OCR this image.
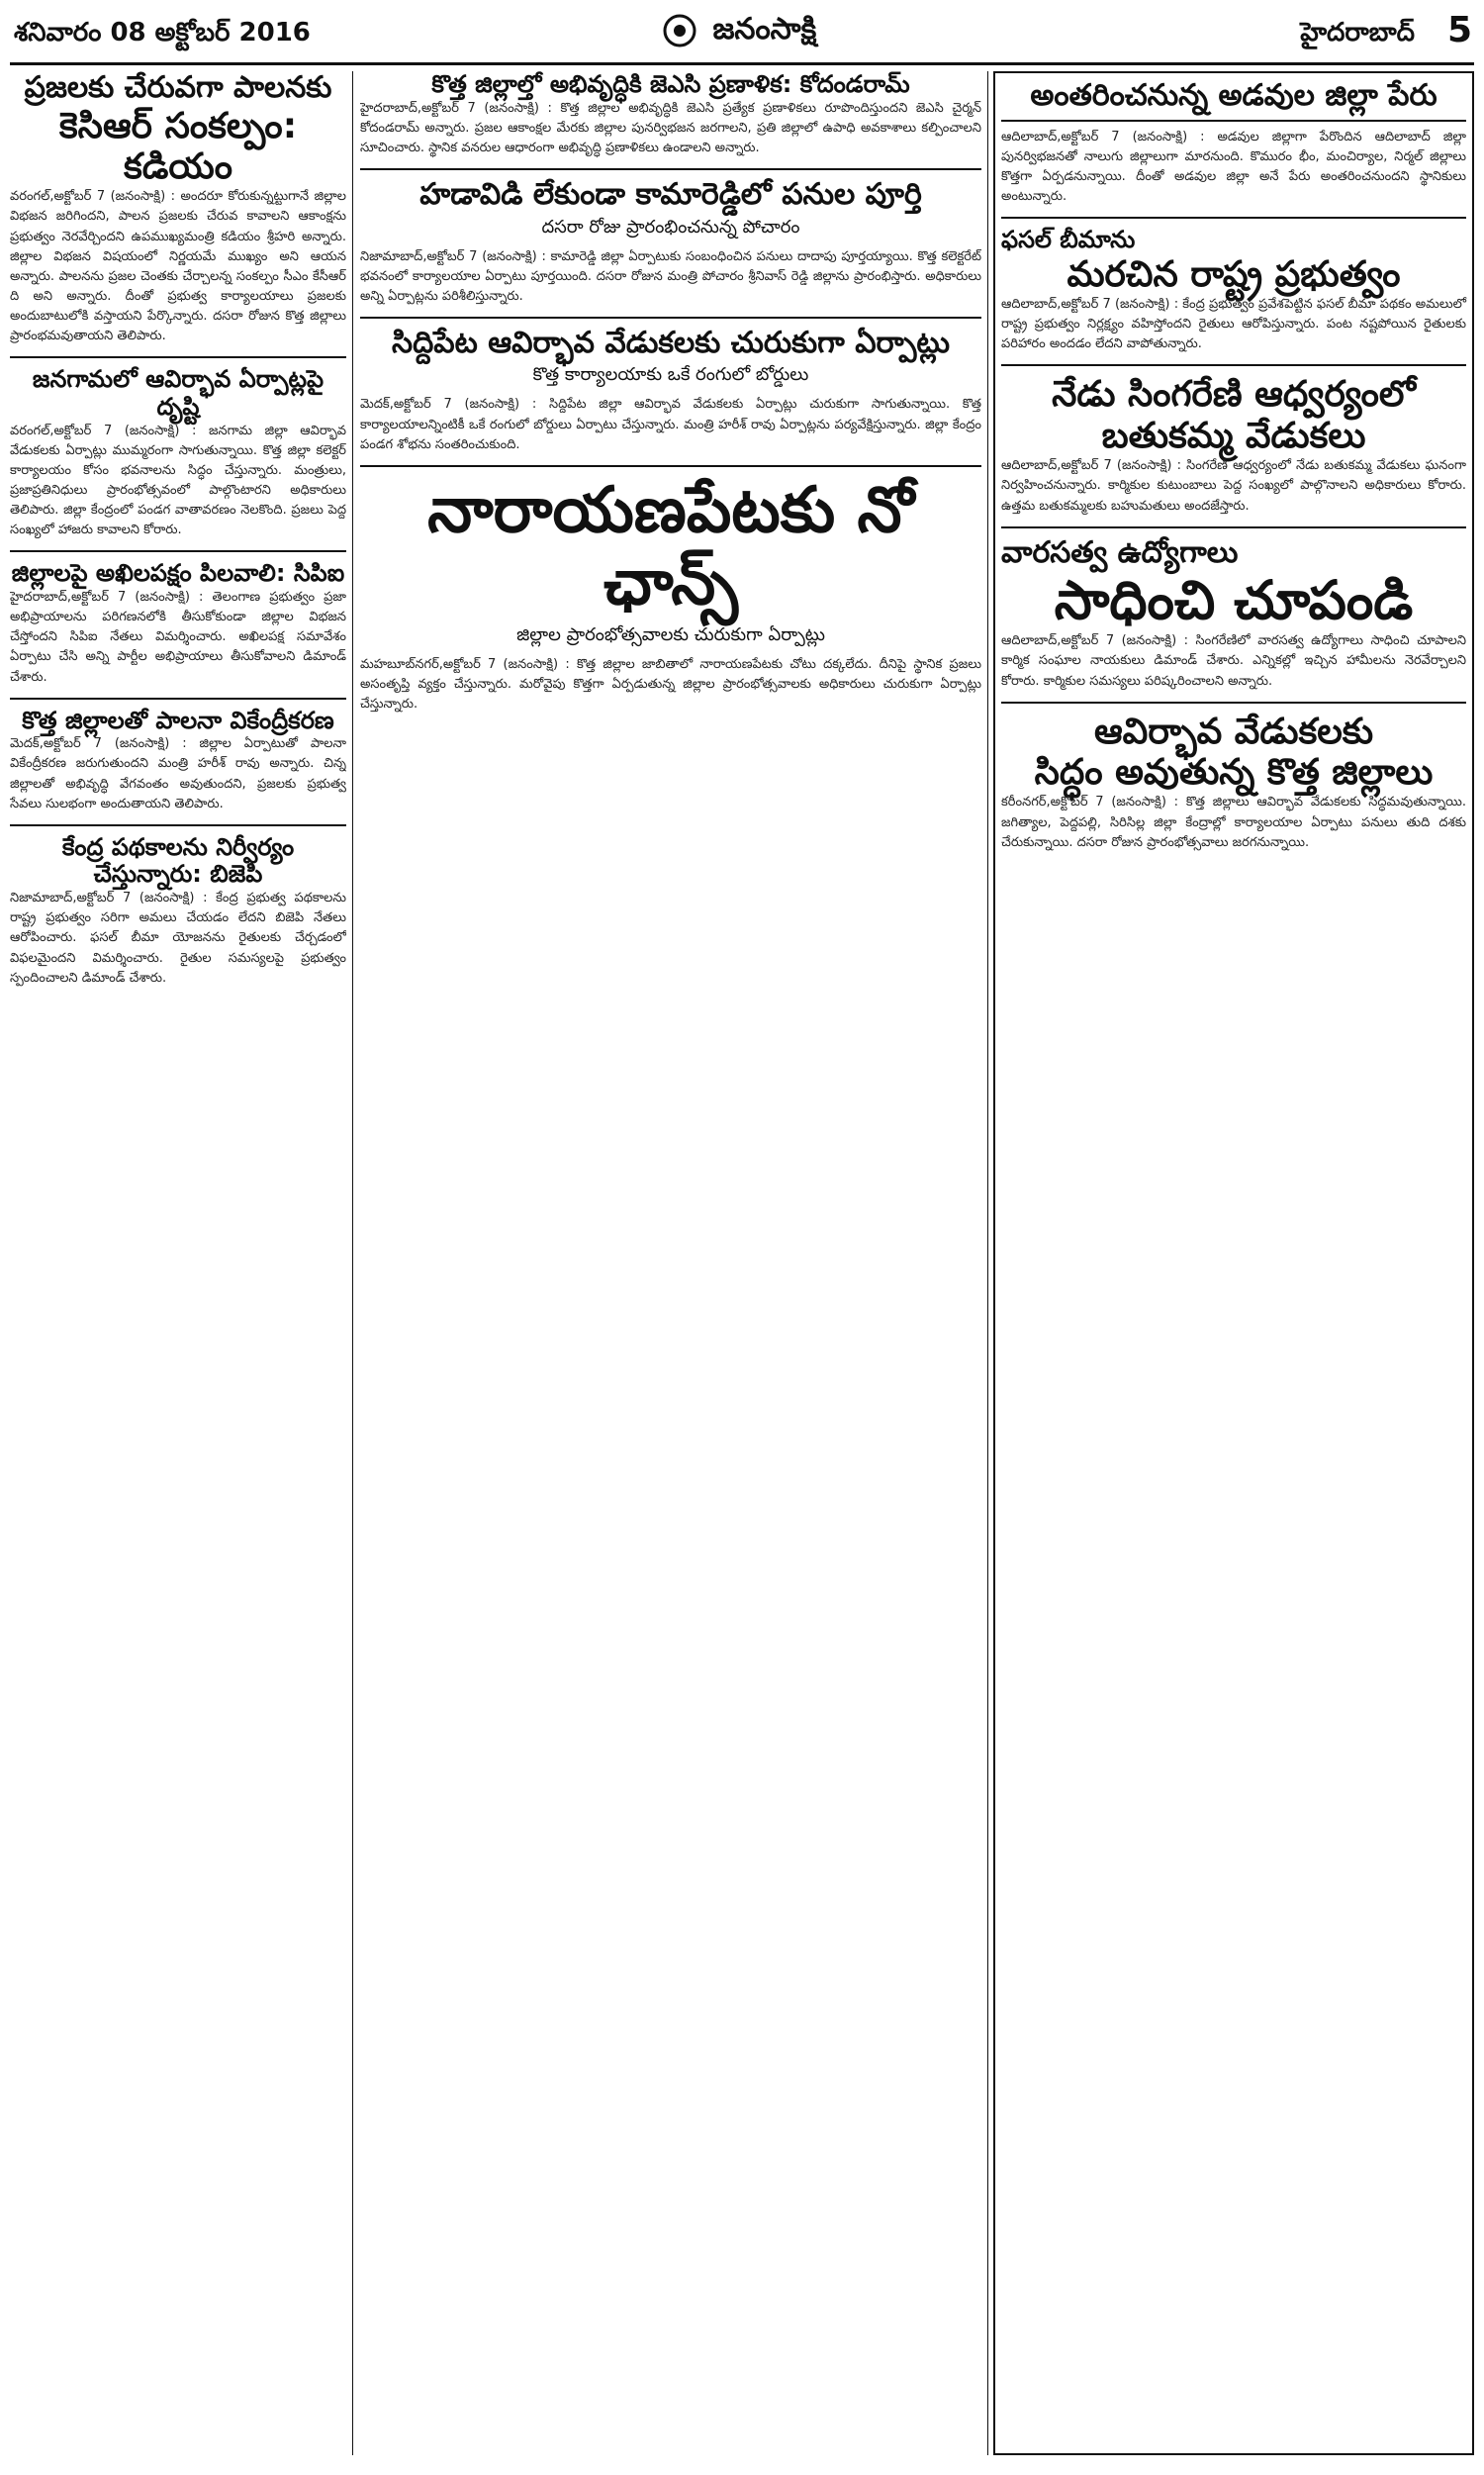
శనివారం 08 అక్టోబర్ 2016	జనంసాక్షి	హైదరాబాద్ 5
ప్రజలకు చేరువగా పాలనకు
కెసిఆర్ సంకల్పం: కడియం

వరంగల్,అక్టోబర్ 7 (జనంసాక్షి) : అందరూ కోరుకున్నట్టుగానే జిల్లాల విభజన జరిగిందని, పాలన ప్రజలకు చేరువ కావాలని ఆకాంక్షను ప్రభుత్వం నెరవేర్చిందని ఉపముఖ్యమంత్రి కడియం శ్రీహరి అన్నారు. జిల్లాల విభజన విషయంలో నిర్ణయమే ముఖ్యం అని ఆయన అన్నారు. పాలనను ప్రజల చెంతకు చేర్చాలన్న సంకల్పం సీఎం కేసీఆర్ ది అని అన్నారు. దీంతో ప్రభుత్వ కార్యాలయాలు ప్రజలకు అందుబాటులోకి వస్తాయని పేర్కొన్నారు. దసరా రోజున కొత్త జిల్లాలు ప్రారంభమవుతాయని తెలిపారు.

జనగామలో ఆవిర్భావ ఏర్పాట్లపై దృష్టి

వరంగల్,అక్టోబర్ 7 (జనంసాక్షి) : జనగామ జిల్లా ఆవిర్భావ వేడుకలకు ఏర్పాట్లు ముమ్మరంగా సాగుతున్నాయి. కొత్త జిల్లా కలెక్టర్ కార్యాలయం కోసం భవనాలను సిద్ధం చేస్తున్నారు. మంత్రులు, ప్రజాప్రతినిధులు ప్రారంభోత్సవంలో పాల్గొంటారని అధికారులు తెలిపారు. జిల్లా కేంద్రంలో పండగ వాతావరణం నెలకొంది. ప్రజలు పెద్ద సంఖ్యలో హాజరు కావాలని కోరారు.

జిల్లాలపై అఖిలపక్షం పిలవాలి: సిపిఐ

హైదరాబాద్,అక్టోబర్ 7 (జనంసాక్షి) : తెలంగాణ ప్రభుత్వం ప్రజా అభిప్రాయాలను పరిగణనలోకి తీసుకోకుండా జిల్లాల విభజన చేస్తోందని సిపిఐ నేతలు విమర్శించారు. అఖిలపక్ష సమావేశం ఏర్పాటు చేసి అన్ని పార్టీల అభిప్రాయాలు తీసుకోవాలని డిమాండ్ చేశారు.

కొత్త జిల్లాలతో పాలనా వికేంద్రీకరణ

మెదక్,అక్టోబర్ 7 (జనంసాక్షి) : జిల్లాల ఏర్పాటుతో పాలనా వికేంద్రీకరణ జరుగుతుందని మంత్రి హరీశ్ రావు అన్నారు. చిన్న జిల్లాలతో అభివృద్ధి వేగవంతం అవుతుందని, ప్రజలకు ప్రభుత్వ సేవలు సులభంగా అందుతాయని తెలిపారు.

కేంద్ర పథకాలను నిర్వీర్యం
చేస్తున్నారు: బిజెపి

నిజామాబాద్,అక్టోబర్ 7 (జనంసాక్షి) : కేంద్ర ప్రభుత్వ పథకాలను రాష్ట్ర ప్రభుత్వం సరిగా అమలు చేయడం లేదని బిజెపి నేతలు ఆరోపించారు. ఫసల్ బీమా యోజనను రైతులకు చేర్చడంలో విఫలమైందని విమర్శించారు. రైతుల సమస్యలపై ప్రభుత్వం స్పందించాలని డిమాండ్ చేశారు.

కొత్త జిల్లాల్తో అభివృద్ధికి జెఎసి ప్రణాళిక: కోదండరామ్

హైదరాబాద్,అక్టోబర్ 7 (జనంసాక్షి) : కొత్త జిల్లాల అభివృద్ధికి జెఎసి ప్రత్యేక ప్రణాళికలు రూపొందిస్తుందని జెఎసి చైర్మన్ కోదండరామ్ అన్నారు. ప్రజల ఆకాంక్షల మేరకు జిల్లాల పునర్విభజన జరగాలని, ప్రతి జిల్లాలో ఉపాధి అవకాశాలు కల్పించాలని సూచించారు. స్థానిక వనరుల ఆధారంగా అభివృద్ధి ప్రణాళికలు ఉండాలని అన్నారు.

హడావిడి లేకుండా కామారెడ్డిలో పనుల పూర్తి
దసరా రోజు ప్రారంభించనున్న పోచారం

నిజామాబాద్,అక్టోబర్ 7 (జనంసాక్షి) : కామారెడ్డి జిల్లా ఏర్పాటుకు సంబంధించిన పనులు దాదాపు పూర్తయ్యాయి. కొత్త కలెక్టరేట్ భవనంలో కార్యాలయాల ఏర్పాటు పూర్తయింది. దసరా రోజున మంత్రి పోచారం శ్రీనివాస్ రెడ్డి జిల్లాను ప్రారంభిస్తారు. అధికారులు అన్ని ఏర్పాట్లను పరిశీలిస్తున్నారు.

సిద్దిపేట ఆవిర్భావ వేడుకలకు చురుకుగా ఏర్పాట్లు
కొత్త కార్యాలయాకు ఒకే రంగులో బోర్డులు

మెదక్,అక్టోబర్ 7 (జనంసాక్షి) : సిద్దిపేట జిల్లా ఆవిర్భావ వేడుకలకు ఏర్పాట్లు చురుకుగా సాగుతున్నాయి. కొత్త కార్యాలయాలన్నింటికీ ఒకే రంగులో బోర్డులు ఏర్పాటు చేస్తున్నారు. మంత్రి హరీశ్ రావు ఏర్పాట్లను పర్యవేక్షిస్తున్నారు. జిల్లా కేంద్రం పండగ శోభను సంతరించుకుంది.

నారాయణపేటకు నో ఛాన్స్
జిల్లాల ప్రారంభోత్సవాలకు చురుకుగా ఏర్పాట్లు

మహబూబ్‌నగర్,అక్టోబర్ 7 (జనంసాక్షి) : కొత్త జిల్లాల జాబితాలో నారాయణపేటకు చోటు దక్కలేదు. దీనిపై స్థానిక ప్రజలు అసంతృప్తి వ్యక్తం చేస్తున్నారు. మరోవైపు కొత్తగా ఏర్పడుతున్న జిల్లాల ప్రారంభోత్సవాలకు అధికారులు చురుకుగా ఏర్పాట్లు చేస్తున్నారు.

అంతరించనున్న అడవుల జిల్లా పేరు

ఆదిలాబాద్,అక్టోబర్ 7 (జనంసాక్షి) : అడవుల జిల్లాగా పేరొందిన ఆదిలాబాద్ జిల్లా పునర్విభజనతో నాలుగు జిల్లాలుగా మారనుంది. కొమురం భీం, మంచిర్యాల, నిర్మల్ జిల్లాలు కొత్తగా ఏర్పడనున్నాయి. దీంతో అడవుల జిల్లా అనే పేరు అంతరించనుందని స్థానికులు అంటున్నారు.

ఫసల్ బీమాను
మరచిన రాష్ట్ర ప్రభుత్వం

ఆదిలాబాద్,అక్టోబర్ 7 (జనంసాక్షి) : కేంద్ర ప్రభుత్వం ప్రవేశపెట్టిన ఫసల్ బీమా పథకం అమలులో రాష్ట్ర ప్రభుత్వం నిర్లక్ష్యం వహిస్తోందని రైతులు ఆరోపిస్తున్నారు. పంట నష్టపోయిన రైతులకు పరిహారం అందడం లేదని వాపోతున్నారు.

నేడు సింగరేణి ఆధ్వర్యంలో
బతుకమ్మ వేడుకలు

ఆదిలాబాద్,అక్టోబర్ 7 (జనంసాక్షి) : సింగరేణి ఆధ్వర్యంలో నేడు బతుకమ్మ వేడుకలు ఘనంగా నిర్వహించనున్నారు. కార్మికుల కుటుంబాలు పెద్ద సంఖ్యలో పాల్గొనాలని అధికారులు కోరారు. ఉత్తమ బతుకమ్మలకు బహుమతులు అందజేస్తారు.

వారసత్వ ఉద్యోగాలు
సాధించి చూపండి

ఆదిలాబాద్,అక్టోబర్ 7 (జనంసాక్షి) : సింగరేణిలో వారసత్వ ఉద్యోగాలు సాధించి చూపాలని కార్మిక సంఘాల నాయకులు డిమాండ్ చేశారు. ఎన్నికల్లో ఇచ్చిన హామీలను నెరవేర్చాలని కోరారు. కార్మికుల సమస్యలు పరిష్కరించాలని అన్నారు.

ఆవిర్భావ వేడుకలకు
సిద్ధం అవుతున్న కొత్త జిల్లాలు

కరీంనగర్,అక్టోబర్ 7 (జనంసాక్షి) : కొత్త జిల్లాలు ఆవిర్భావ వేడుకలకు సిద్ధమవుతున్నాయి. జగిత్యాల, పెద్దపల్లి, సిరిసిల్ల జిల్లా కేంద్రాల్లో కార్యాలయాల ఏర్పాటు పనులు తుది దశకు చేరుకున్నాయి. దసరా రోజున ప్రారంభోత్సవాలు జరగనున్నాయి.
